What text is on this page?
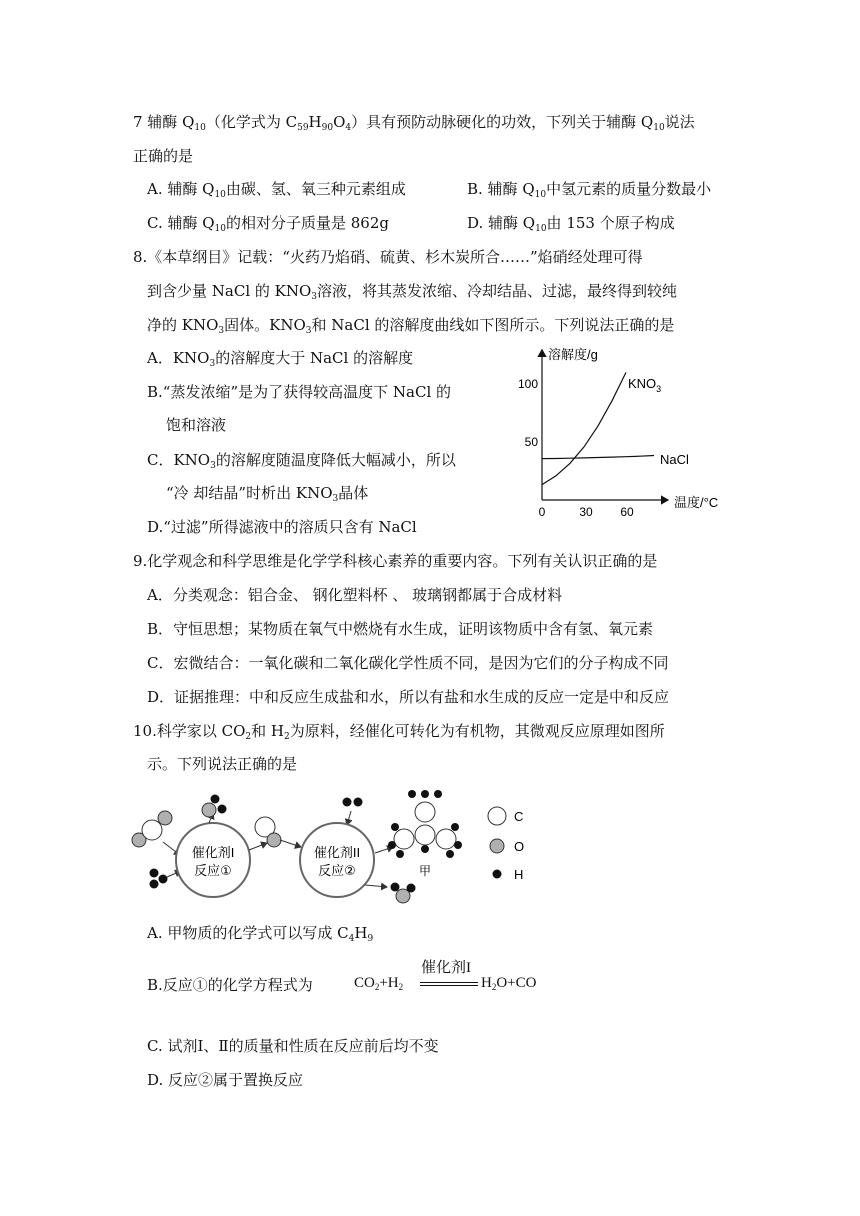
7 辅酶 $Q_{10}$（化学式为 $C_{59}H_{90}O_4$）具有预防动脉硬化的功效，下列关于辅酶 $Q_{10}$说法
正确的是
A. 辅酶 $Q_{10}$由碳、氢、氧三种元素组成	B. 辅酶 $Q_{10}$中氢元素的质量分数最小
C. 辅酶 $Q_{10}$的相对分子质量是 862g	D. 辅酶 $Q_{10}$由 153 个原子构成
8.《本草纲目》记载：“火药乃焰硝、硫黄、杉木炭所合……”焰硝经处理可得
到含少量 NaCl 的 $KNO_3$溶液，将其蒸发浓缩、冷却结晶、过滤，最终得到较纯
净的 $KNO_3$固体。$KNO_3$和 NaCl 的溶解度曲线如下图所示。下列说法正确的是
A．$KNO_3$的溶解度大于 NaCl 的溶解度
B.“蒸发浓缩”是为了获得较高温度下 NaCl 的
饱和溶液
C．$KNO_3$的溶解度随温度降低大幅减小，所以
“冷 却结晶”时析出 $KNO_3$晶体
D.“过滤”所得滤液中的溶质只含有 NaCl
溶解度/g
温度/°C
100
50
0	30 60
$KNO_3$
NaCl
9.化学观念和科学思维是化学学科核心素养的重要内容。下列有关认识正确的是
A．分类观念：铝合金、 钢化塑料杯 、 玻璃钢都属于合成材料
B．守恒思想；某物质在氧气中燃烧有水生成，证明该物质中含有氢、氧元素
C．宏微结合：一氧化碳和二氧化碳化学性质不同，是因为它们的分子构成不同
D．证据推理：中和反应生成盐和水，所以有盐和水生成的反应一定是中和反应
10.科学家以 $CO_2$和 $H_2$为原料，经催化可转化为有机物，其微观反应原理如图所
示。下列说法正确的是
催化剂I
反应①
催化剂II
反应②	甲
C
O
H
A. 甲物质的化学式可以写成 $C_4H_9$
B.反应①的化学方程式为	$CO_2+H_2$
催化剂I
$H_2O+CO$
C. 试剂Ⅰ、Ⅱ的质量和性质在反应前后均不变
D. 反应②属于置换反应
